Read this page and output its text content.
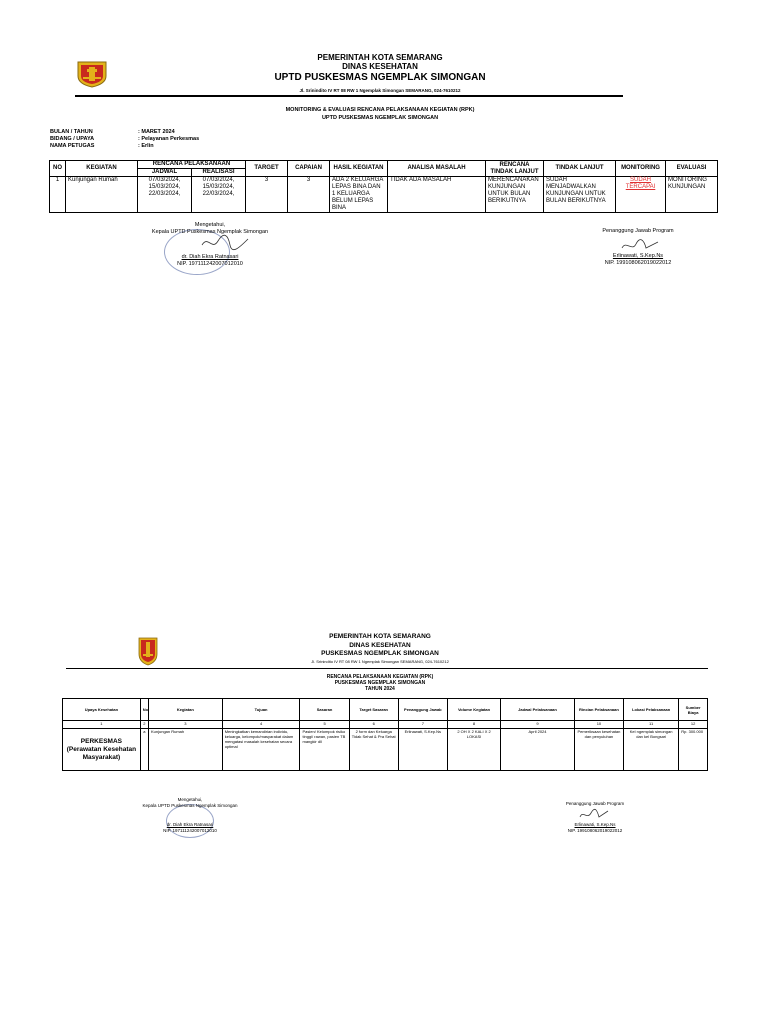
PEMERINTAH KOTA SEMARANG
DINAS KESEHATAN
UPTD PUSKESMAS NGEMPLAK SIMONGAN
Jl. Srinindito IV RT 08 RW 1 Ngemplak Simongan SEMARANG, 024-7610212
MONITORING & EVALUASI RENCANA PELAKSANAAN KEGIATAN (RPK)
UPTD PUSKESMAS NGEMPLAK SIMONGAN
BULAN / TAHUN	: MARET 2024
BIDANG / UPAYA	: Pelayanan Perkesmas
NAMA PETUGAS	: Erlin
NO	KEGIATAN	RENCANA PELAKSANAAN		TARGET	CAPAIAN	HASIL KEGIATAN	ANALISA MASALAH	RENCANA TINDAK LANJUT	TINDAK LANJUT	MONITORING	EVALUASI
		JADWAL	REALISASI								
1	Kunjungan Rumah	07/03/2024, 15/03/2024, 22/03/2024,	07/03/2024, 15/03/2024, 22/03/2024,	3	3	ADA 2 KELUARGA LEPAS BINA DAN 1 KELUARGA BELUM LEPAS BINA	TIDAK ADA MASALAH	MERENCANAKAN KUNJUNGAN UNTUK BULAN BERIKUTNYA	SUDAH MENJADWALKAN KUNJUNGAN UNTUK BULAN BERIKUTNYA	SUDAH TERCAPAI	MONITORING KUNJUNGAN
Mengetahui,
Kepala UPTD Puskesmas Ngemplak Simongan
dr. Diah Ekra Ratnasari
NIP. 197111242007012010
Penanggung Jawab Program
Erlinawati, S.Kep.Ns
NIP. 199108062019022012
PEMERINTAH KOTA SEMARANG
DINAS KESEHATAN
PUSKESMAS NGEMPLAK SIMONGAN
Jl. Srinindito IV RT 08 RW 1 Ngemplak Simongan SEMARANG, 024-7610212
RENCANA PELAKSANAAN KEGIATAN (RPK)
PUSKESMAS NGEMPLAK SIMONGAN
TAHUN 2024
Upaya Kesehatan	No.	Kegiatan	Tujuan	Sasaran	Target Sasaran	Penanggung Jawab	Volume Kegiatan	Jadwal Pelaksanaan	Rincian Pelaksanaan	Lokasi Pelaksanaan	Sumber Biaya
1	2	3	4	5	6	7	8	9	10	11	12
PERKESMAS (Perawatan Kesehatan Masyarakat)	a	Kunjungan Rumah	Meningkatkan kemandirian individu, keluarga, kelompok/masyarakat dalam mengatasi masalah kesehatan secara optimal	Pasien/ Kelompok risiko tinggi/ rawan, pasien TB mangkir dll	2 form dan Keluarga Tidak Sehat & Pra Sehat	Erlinawati, S.Kep.Ns	2 OH X 2 KALI X 2 LOKASI	April 2024	Pemeriksaan kesehatan dan penyuluhan	Kel ngemplak simongan dan kel Bongsari	Rp. 300.000
Mengetahui,
Kepala UPTD Puskesmas Ngemplak Simongan
dr. Diah Ekra Ratnasari
NIP. 197111242007012010
Penanggung Jawab Program
Erlinawati, S.Kep.Ns
NIP. 199108062019022012
